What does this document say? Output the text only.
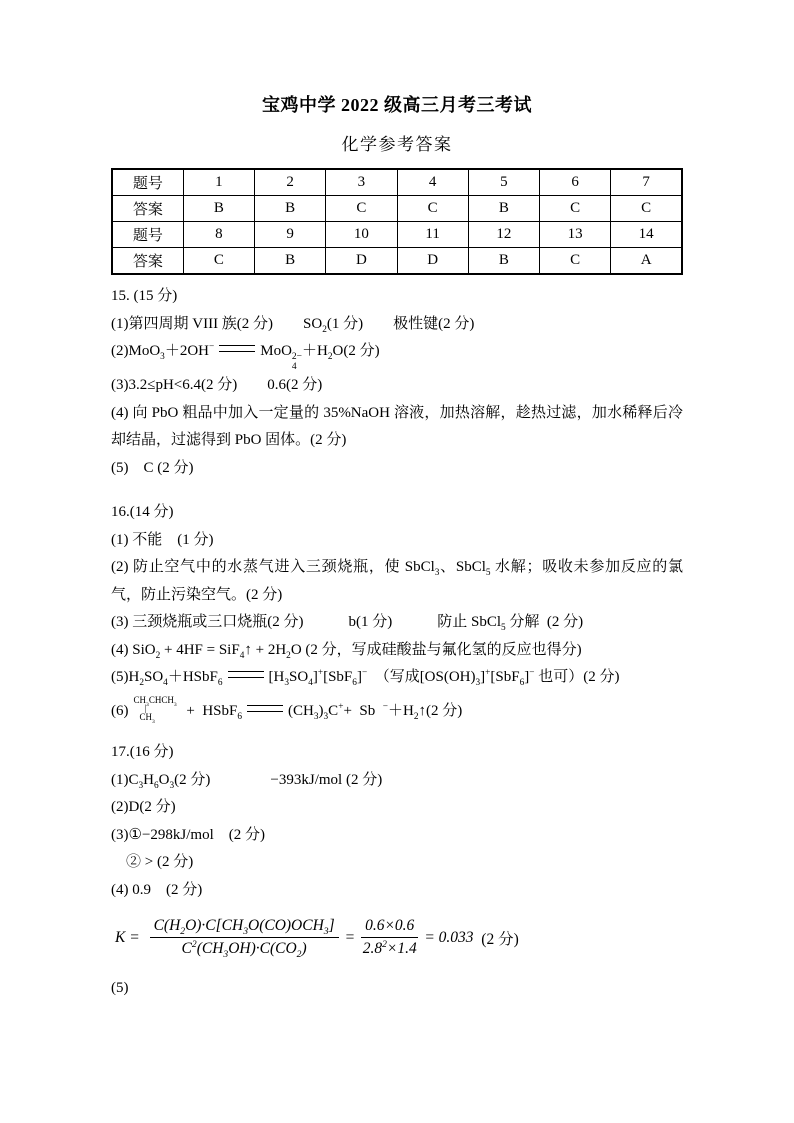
宝鸡中学 2022 级高三月考三考试
化学参考答案
题号	1	2	3	4	5	6	7
答案	B	B	C	C	B	C	C
题号	8	9	10	11	12	13	14
答案	C	B	D	D	B	C	A
15. (15 分)
(1)第四周期 VIII 族(2 分)　　$SO_2(1$ 分)　　极性键(2 分)
(2)MoO$_3$＋2OH−	MoO 2−
4
$+H_2O(2$ 分)
(3)3.2≤pH<6.4(2 分)　　0.6(2 分)
(4) 向 PbO 粗品中加入一定量的 35%NaOH 溶液，加热溶解，趁热过滤，加水稀释后冷却结晶，过滤得到 PbO 固体。(2 分)
(5)　C (2 分)
16.(14 分)
(1) 不能　(1 分)
(2) 防止空气中的水蒸气进入三颈烧瓶，使 SbCl$_3$、SbCl$_5$ 水解；吸收未参加反应的氯气，防止污染空气。(2 分)
(3) 三颈烧瓶或三口烧瓶(2 分)　　　b(1 分)　　　防止 SbCl$_5$ 分解  (2 分)
(4) SiO$_2$ + 4HF = SiF$_4$↑ + $2H_2O$ (2 分，写成硅酸盐与氟化氢的反应也得分)
$(5)H_2SO_4+HSbF_6$	$[H_3SO_4]^+[SbF_6]^-$  （写成$[OS(OH)_3]^+[SbF_6]^-$ 也可）(2 分)
(6)
$CH_3CHCH_3$
|
$CH_3$
+  HSbF$_6$	$(CH_3)_3C^++ Sb$  $^-+H_2↑(2$ 分)
17.(16 分)
$(1)C_3H_6O_3(2$ 分)　　　　−393kJ/mol (2 分)
(2)D(2 分)
(3)①−298kJ/mol　(2 分)
　② > (2 分)
(4) 0.9　(2 分)
$K = \frac{C(H_2O)\cdot C[CH_3O(CO)OCH_3]}{C^2(CH_3OH)\cdot C(CO_2)} = \frac{0.6\times 0.6}{2.8^2\times 1.4} = 0.033$ (2 分)
(5)
